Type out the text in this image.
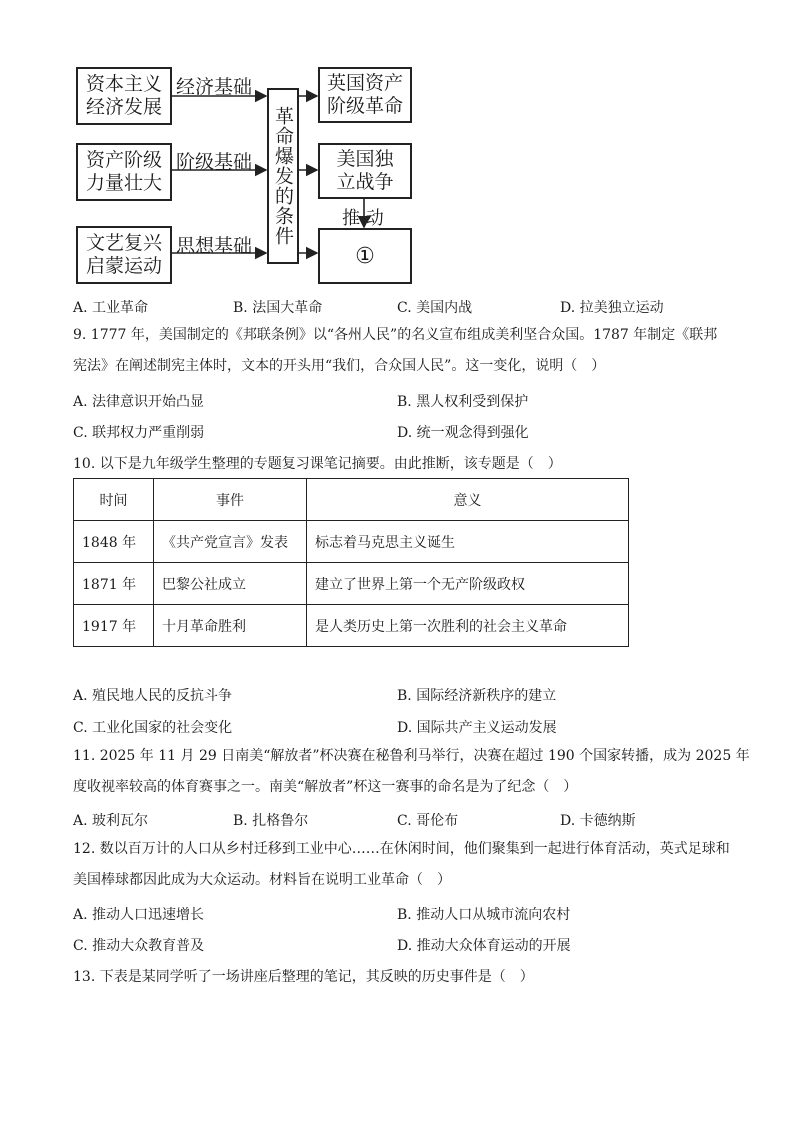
资本主义
经济发展
资产阶级
力量壮大
文艺复兴
启蒙运动
经济基础
阶级基础
思想基础 革命爆发的条件
英国资产
阶级革命
美国独
立战争
①
推 动
A. 工业革命	B. 法国大革命	C. 美国内战	D. 拉美独立运动
9. 1777 年，美国制定的《邦联条例》以“各州人民”的名义宣布组成美利坚合众国。1787 年制定《联邦
宪法》在阐述制宪主体时，文本的开头用“我们，合众国人民”。这一变化，说明（　）
A. 法律意识开始凸显	B. 黑人权利受到保护
C. 联邦权力严重削弱	D. 统一观念得到强化
10. 以下是九年级学生整理的专题复习课笔记摘要。由此推断，该专题是（　）
时间	事件	意义
1848 年	《共产党宣言》发表	标志着马克思主义诞生
1871 年	巴黎公社成立	建立了世界上第一个无产阶级政权
1917 年	十月革命胜利	是人类历史上第一次胜利的社会主义革命
A. 殖民地人民的反抗斗争	B. 国际经济新秩序的建立
C. 工业化国家的社会变化	D. 国际共产主义运动发展
11. 2025 年 11 月 29 日南美“解放者”杯决赛在秘鲁利马举行，决赛在超过 190 个国家转播，成为 2025 年
度收视率较高的体育赛事之一。南美“解放者”杯这一赛事的命名是为了纪念（　）
A. 玻利瓦尔	B. 扎格鲁尔	C. 哥伦布	D. 卡德纳斯
12. 数以百万计的人口从乡村迁移到工业中心……在休闲时间，他们聚集到一起进行体育活动，英式足球和
美国棒球都因此成为大众运动。材料旨在说明工业革命（　）
A. 推动人口迅速增长	B. 推动人口从城市流向农村
C. 推动大众教育普及	D. 推动大众体育运动的开展
13. 下表是某同学听了一场讲座后整理的笔记，其反映的历史事件是（　）
